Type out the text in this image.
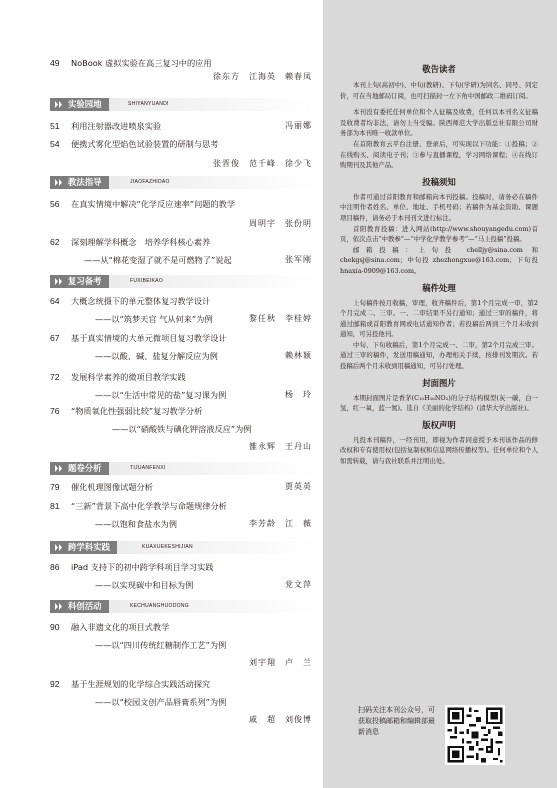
49	NoBook 虚拟实验在高三复习中的应用
徐东方　江海英　赖春凤
实验园地	SHIYANYUANDI
51	利用注射器改进喷泉实验	冯丽娜
54	便携式雾化型焰色试验装置的研制与思考
张晋俊　范千峰　徐少飞
教法指导	JIAOFAZHIDAO
56	在真实情境中解决“化学反应速率”问题的教学
周明宇　张份明
62	深刻理解学科概念　培养学科核心素养
——从“棉花变湿了就不是可燃物了”说起	张军刚
复习备考	FUXIBEIKAO
64	大概念统摄下的单元整体复习教学设计
——以“筑梦天宫 气从何来”为例	黎任秋　李桂婷
67	基于真实情境的大单元微项目复习教学设计
——以酸、碱、盐复分解反应为例	赖林颖
72	发展科学素养的微项目教学实践
——以“生活中常见的盐”复习课为例	杨　玲
76	“物质氧化性强弱比较”复习教学分析
——以“硝酸铁与碘化钾溶液反应”为例
雒永辉　王丹山
题卷分析	TIJUANFENXI
79	催化机理图像试题分析	贾英英
81	“三新”背景下高中化学教学与命题规律分析
——以饱和食盐水为例	李芳龄　江　薇
跨学科实践	KUAXUEKESHIJIAN
86	iPad 支持下的初中跨学科项目学习实践
——以实现碳中和目标为例	党文萍
科创活动	KECHUANGHUODONG
90	融入非遗文化的项目式教学
——以“四川传统红糖制作工艺”为例
刘宇翔　卢　兰
92	基于生涯规划的化学综合实践活动探究
——以“校园文创产品唇膏系列”为例
戚　超　刘俊博

敬告读者

本刊上旬(高初中)、中旬(教研)、下旬(学研)为同名、同号、同定价，可在当地邮局订阅，也可扫描封一左下角中国邮政二维码订阅。

本刊没有委托任何单位和个人征稿及收费，任何以本刊名义征稿及收费者均非法，请勿上当受骗。陕西师范大学出版总社有限公司财务部为本刊唯一收款单位。

在首阳教育云平台注册、登录后，可实现以下功能：①投稿；②在线购买、阅读电子刊；③参与直播课程，学习网络课程；④在线订购期刊及其他产品。

投稿须知

作者可通过首阳教育和邮箱向本刊投稿。投稿时，请务必在稿件中注明作者姓名、单位、地址、手机号码；若稿件为基金资助、课题项目稿件，请务必于本刊刊文进行标注。

首阳教育投稿：进入网站(http://www.shouyangedu.com)首页，依次点击“中教参”—“中学化学教学参考”—“马上投稿”投稿。

邮箱投稿：上旬投 chelljy@sina.com 和 chekgsj@sina.com；中旬投 zhezhongxue@163.com；下旬投 hnaxia-0909@163.com。

稿件处理

上旬稿件按月收稿，审理，收齐稿件后，第1个月完成一审，第2个月完成二、三审。一、二审结果不另行通知；通过三审的稿件，将通过邮箱或首阳教育网或电话通知作者；若投稿后两到三个月未收到通知，可另投他刊。

中旬、下旬收稿后，第1个月完成一、二审，第2个月完成三审。通过三审的稿件，发送用稿通知，办理相关手续，按排刊发期次。若投稿后两个月未收到用稿通知，可另行处理。

封面图片

本期封面图片是香茅(C₁₀H₁₆NO₂)的分子结构模型(灰一碳，白一氢，红一氧，蓝一氮)。选自《美丽的化学结构》(清华大学出版社)。

版权声明

凡投本刊稿件，一经刊用，即视为作者同意授予本刊该作品的修改权和专有使用权(包括复制权和信息网络传播权等)。任何单位和个人如需转载，请与我社联系并注明出处。

扫码关注本刊公众号，可获取投稿邮箱和编辑部最新消息
